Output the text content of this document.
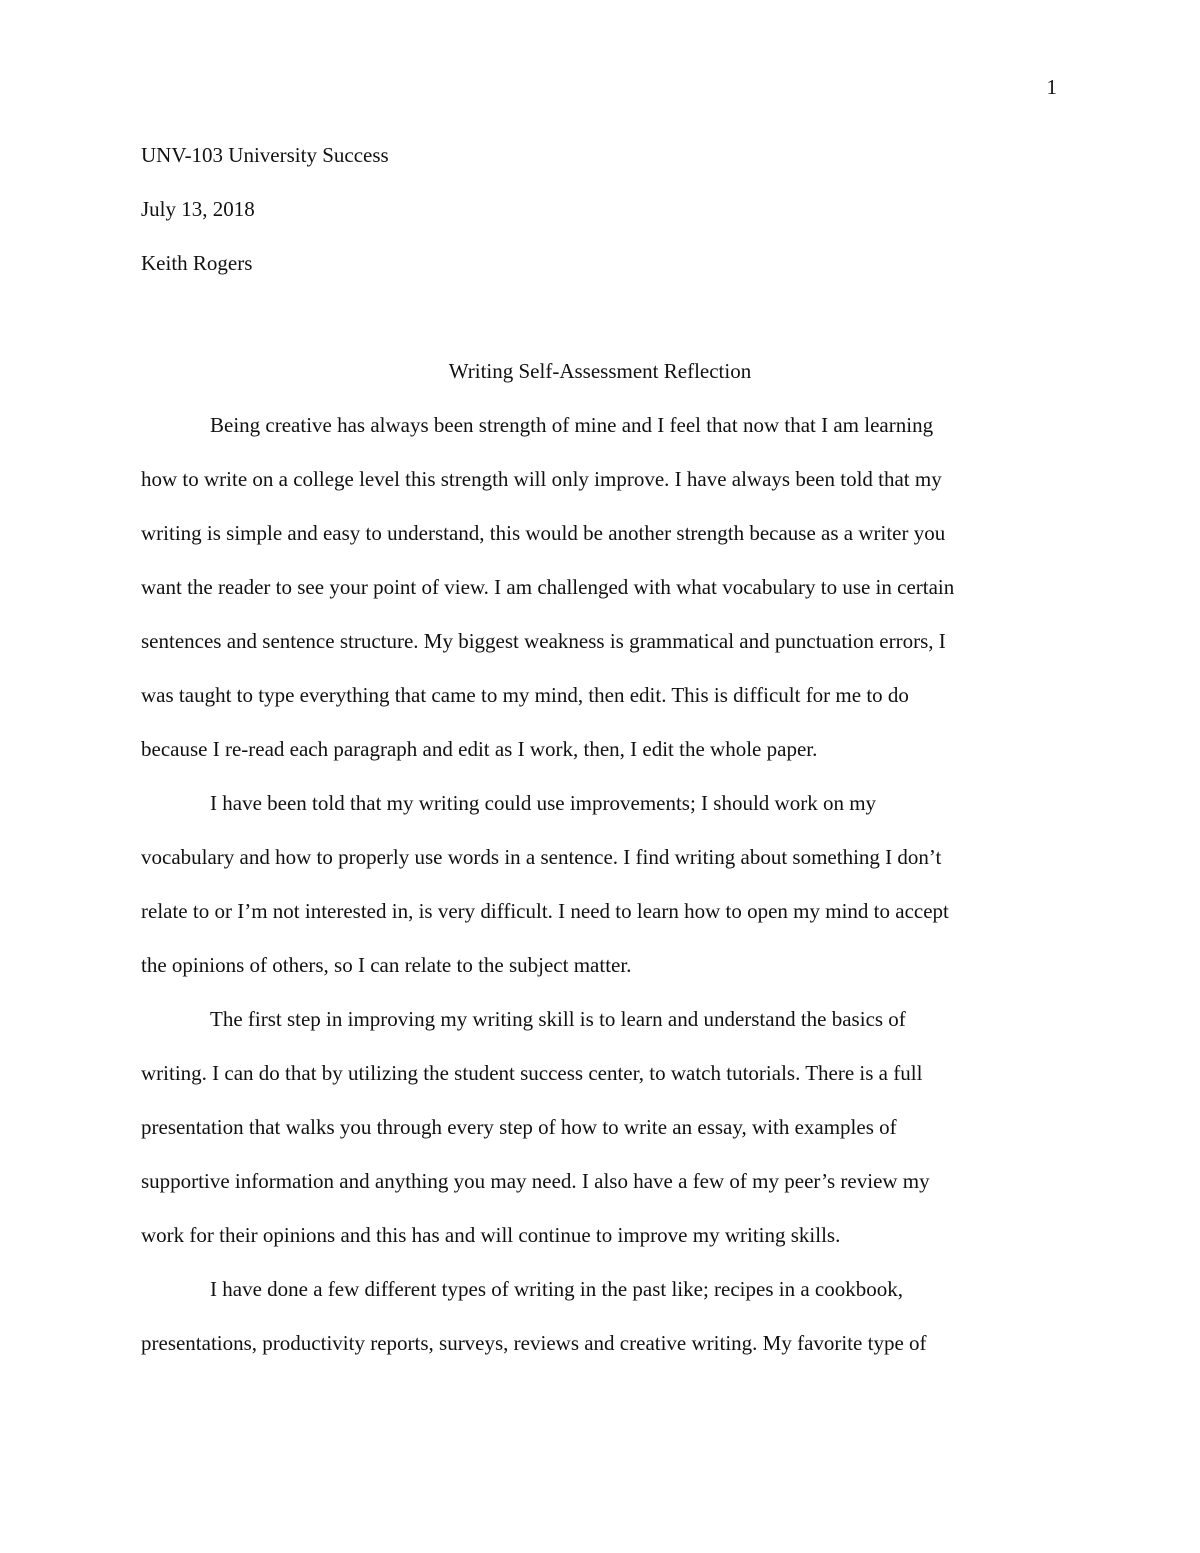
1
UNV-103 University Success
July 13, 2018
Keith Rogers
Writing Self-Assessment Reflection
Being creative has always been strength of mine and I feel that now that I am learning
how to write on a college level this strength will only improve. I have always been told that my
writing is simple and easy to understand, this would be another strength because as a writer you
want the reader to see your point of view. I am challenged with what vocabulary to use in certain
sentences and sentence structure. My biggest weakness is grammatical and punctuation errors, I
was taught to type everything that came to my mind, then edit. This is difficult for me to do
because I re-read each paragraph and edit as I work, then, I edit the whole paper.
I have been told that my writing could use improvements; I should work on my
vocabulary and how to properly use words in a sentence. I find writing about something I don’t
relate to or I’m not interested in, is very difficult. I need to learn how to open my mind to accept
the opinions of others, so I can relate to the subject matter.
The first step in improving my writing skill is to learn and understand the basics of
writing. I can do that by utilizing the student success center, to watch tutorials. There is a full
presentation that walks you through every step of how to write an essay, with examples of
supportive information and anything you may need. I also have a few of my peer’s review my
work for their opinions and this has and will continue to improve my writing skills.
I have done a few different types of writing in the past like; recipes in a cookbook,
presentations, productivity reports, surveys, reviews and creative writing. My favorite type of
